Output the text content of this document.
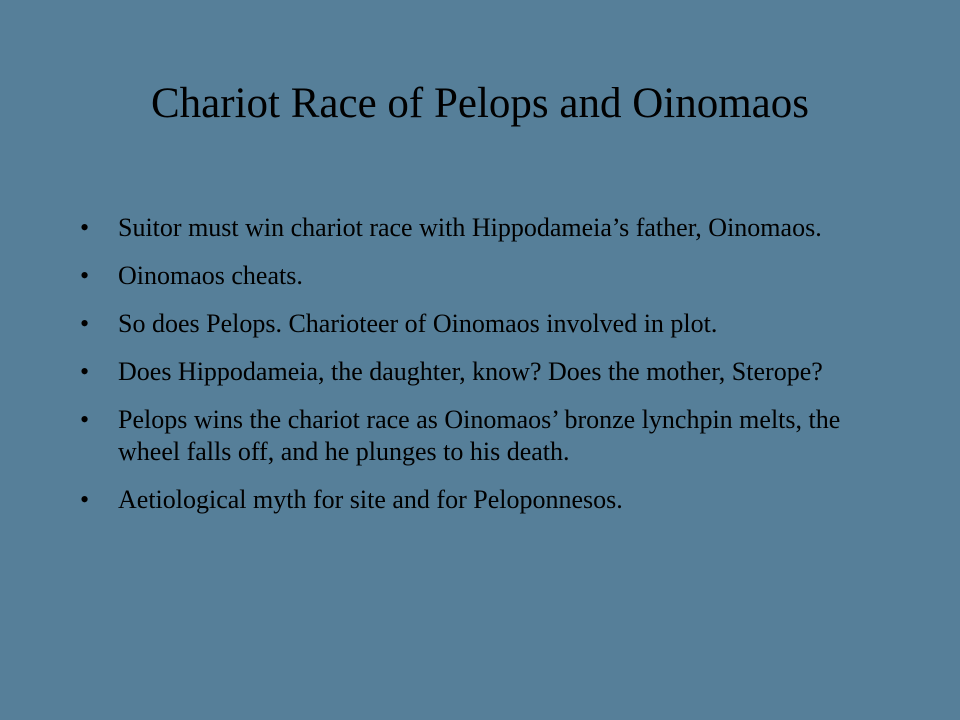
Chariot Race of Pelops and Oinomaos
•	Suitor must win chariot race with Hippodameia’s father, Oinomaos.
•	Oinomaos cheats.
•	So does Pelops. Charioteer of Oinomaos involved in plot.
•	Does Hippodameia, the daughter, know? Does the mother, Sterope?
•	Pelops wins the chariot race as Oinomaos’ bronze lynchpin melts, the wheel falls off, and he plunges to his death.
•	Aetiological myth for site and for Peloponnesos.
